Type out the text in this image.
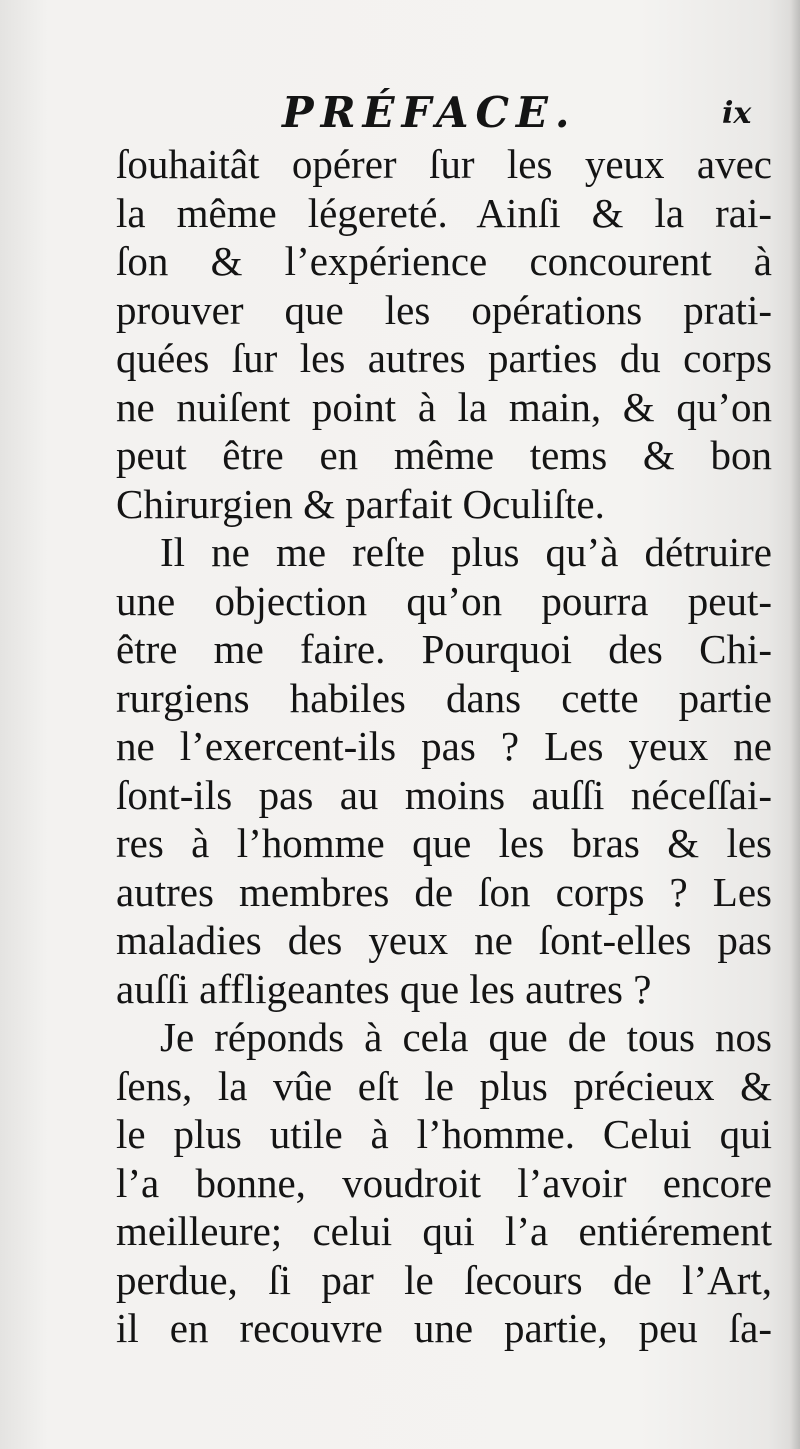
PRÉFACE.	ix
ſouhaitât opérer ſur les yeux avec
la même légereté. Ainſi & la rai-
ſon & l’expérience concourent à
prouver que les opérations prati-
quées ſur les autres parties du corps
ne nuiſent point à la main, & qu’on
peut être en même tems & bon
Chirurgien & parfait Oculiſte.
Il ne me reſte plus qu’à détruire
une objection qu’on pourra peut-
être me faire. Pourquoi des Chi-
rurgiens habiles dans cette partie
ne l’exercent-ils pas ? Les yeux ne
ſont-ils pas au moins auſſi néceſſai-
res à l’homme que les bras & les
autres membres de ſon corps ? Les
maladies des yeux ne ſont-elles pas
auſſi affligeantes que les autres ?
Je réponds à cela que de tous nos
ſens, la vûe eſt le plus précieux &
le plus utile à l’homme. Celui qui
l’a bonne, voudroit l’avoir encore
meilleure; celui qui l’a entiérement
perdue, ſi par le ſecours de l’Art,
il en recouvre une partie, peu ſa-
